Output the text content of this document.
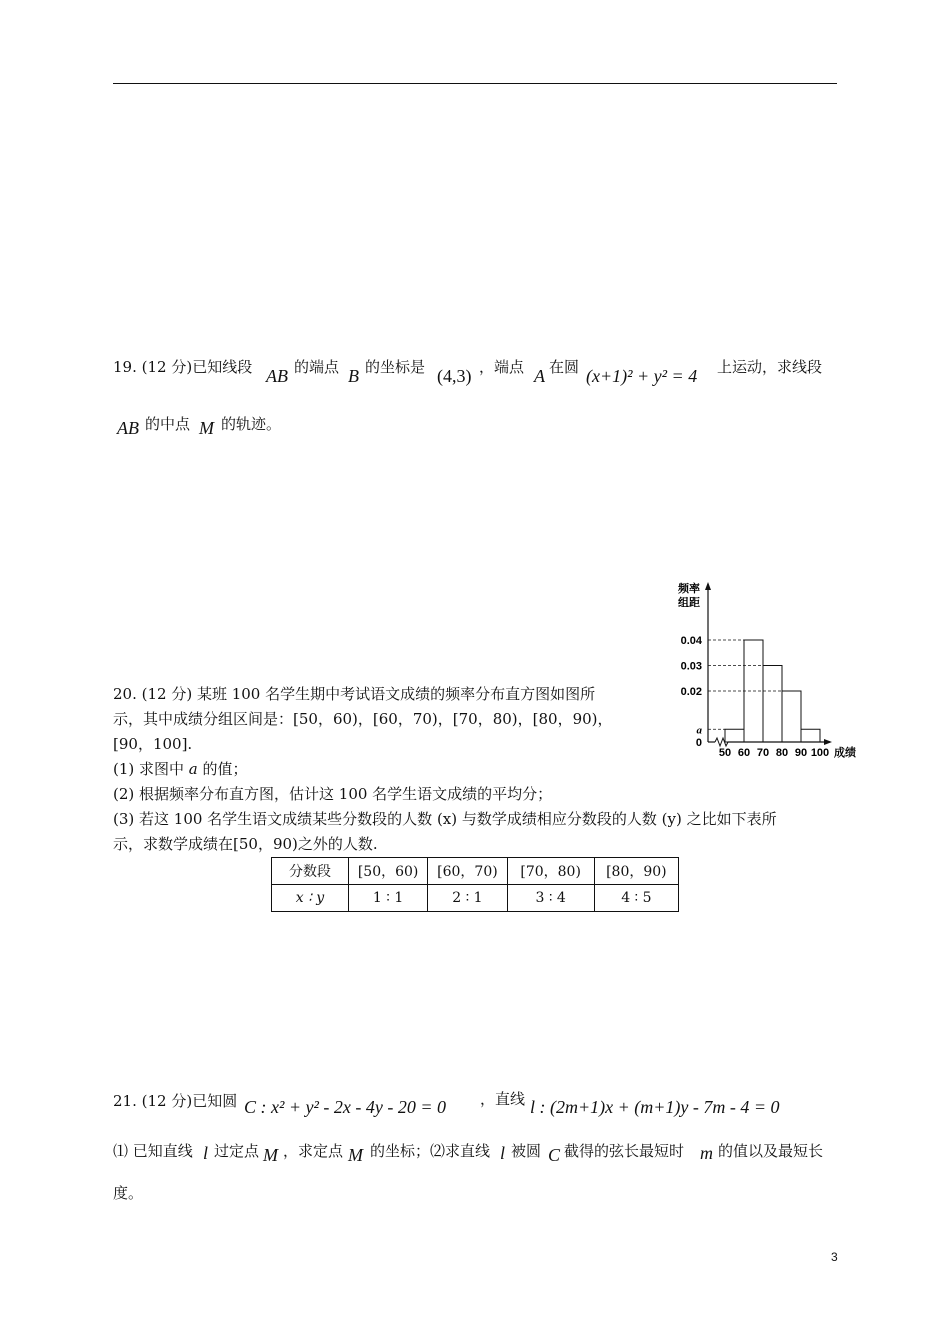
19. (12 分)已知线段 AB 的端点 B 的坐标是 (4,3) ，端点 A 在圆 (x+1)² + y² = 4 上运动，求线段
AB 的中点 M 的轨迹。
0.04
0.03
0.02
a
0
50 60 70 80 90 100
频率
组距
成绩
20. (12 分) 某班 100 名学生期中考试语文成绩的频率分布直方图如图所
示，其中成绩分组区间是：[50，60)，[60，70)，[70，80)，[80，90)，
[90，100].
(1) 求图中 a 的值；
(2) 根据频率分布直方图，估计这 100 名学生语文成绩的平均分；
(3) 若这 100 名学生语文成绩某些分数段的人数 (x) 与数学成绩相应分数段的人数 (y) 之比如下表所
示，求数学成绩在[50，90)之外的人数.
分数段	[50，60)	[60，70)	[70，80)	[80，90)
x ∶ y	1 ∶ 1	2 ∶ 1	3 ∶ 4	4 ∶ 5
21. (12 分)已知圆 C : x² + y² - 2x - 4y - 20 = 0 ，直线 l : (2m+1)x + (m+1)y - 7m - 4 = 0
⑴ 已知直线 l 过定点 M ，求定点 M 的坐标；⑵求直线 l 被圆 C 截得的弦长最短时 m 的值以及最短长
度。
3
